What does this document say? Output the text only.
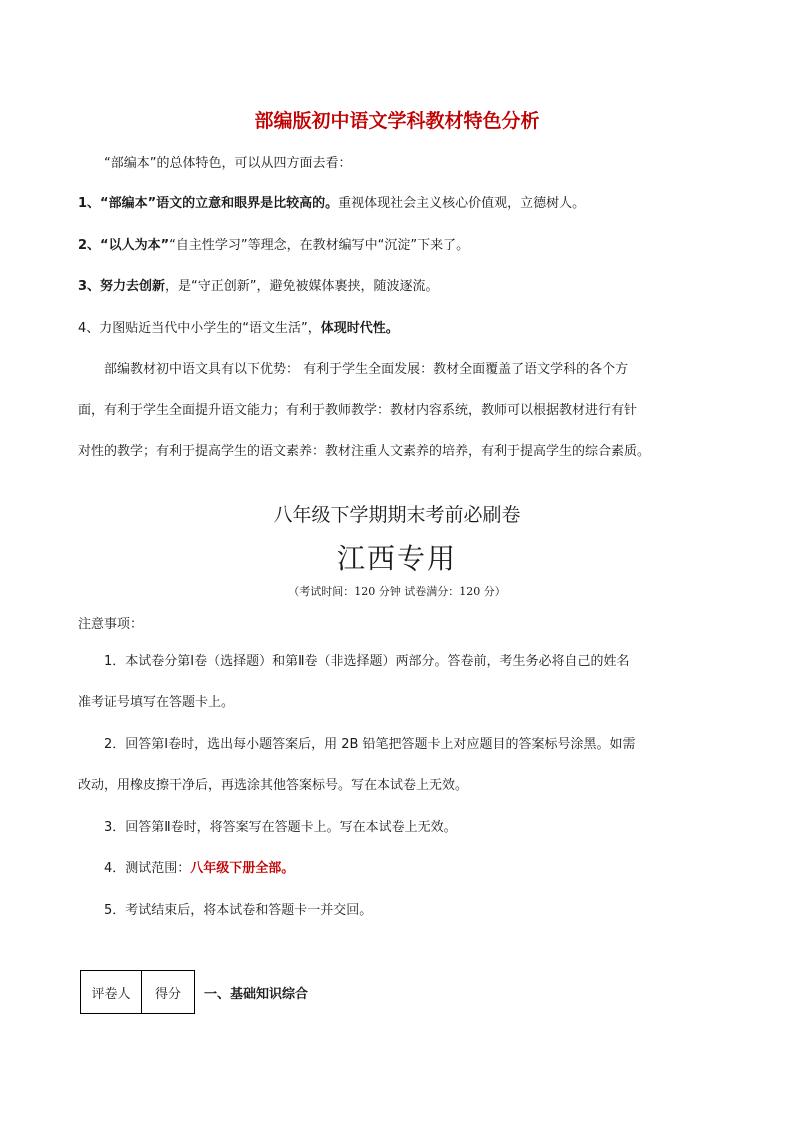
部编版初中语文学科教材特色分析
“部编本”的总体特色，可以从四方面去看：
1、“部编本”语文的立意和眼界是比较高的。重视体现社会主义核心价值观，立德树人。
2、“以人为本”“自主性学习”等理念，在教材编写中“沉淀”下来了。
3、努力去创新，是“守正创新”，避免被媒体裹挟，随波逐流。
4、力图贴近当代中小学生的“语文生活”，体现时代性。
部编教材初中语文具有以下优势： 有利于学生全面发展：教材全面覆盖了语文学科的各个方
面，有利于学生全面提升语文能力；有利于教师教学：教材内容系统，教师可以根据教材进行有针
对性的教学；有利于提高学生的语文素养：教材注重人文素养的培养，有利于提高学生的综合素质。
八年级下学期期末考前必刷卷
江西专用
（考试时间：120 分钟 试卷满分：120 分）
注意事项：
1．本试卷分第Ⅰ卷（选择题）和第Ⅱ卷（非选择题）两部分。答卷前，考生务必将自己的姓名
准考证号填写在答题卡上。
2．回答第Ⅰ卷时，选出每小题答案后，用 2B 铅笔把答题卡上对应题目的答案标号涂黑。如需
改动，用橡皮擦干净后，再选涂其他答案标号。写在本试卷上无效。
3．回答第Ⅱ卷时，将答案写在答题卡上。写在本试卷上无效。
4．测试范围：八年级下册全部。
5．考试结束后，将本试卷和答题卡一并交回。
评卷人	得分 一、基础知识综合
